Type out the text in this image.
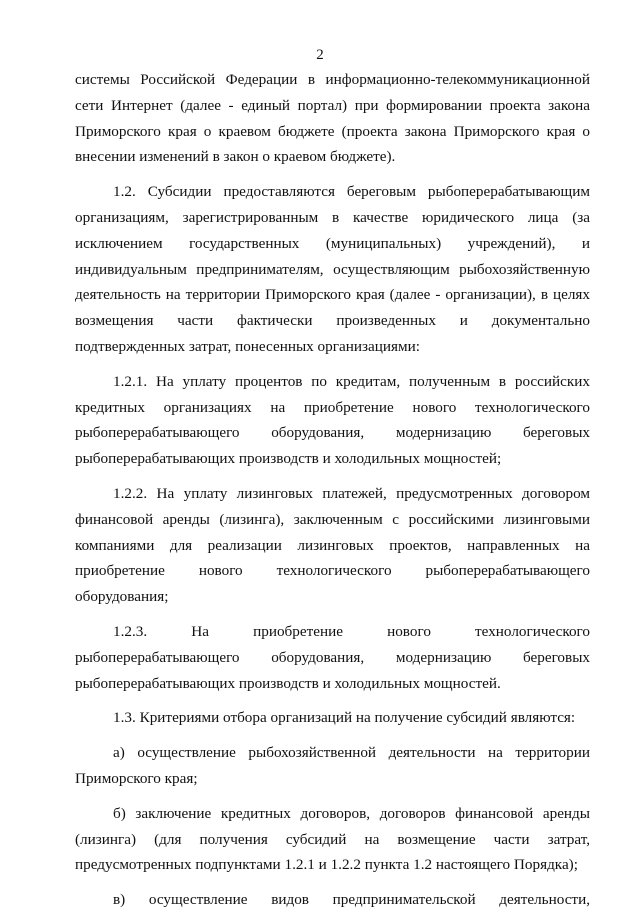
2
системы Российской Федерации в информационно-телекоммуникационной
сети Интернет (далее - единый портал) при формировании проекта закона
Приморского края о краевом бюджете (проекта закона Приморского края о
внесении изменений в закон о краевом бюджете).
1.2. Субсидии предоставляются береговым рыбоперерабатывающим
организациям, зарегистрированным в качестве юридического лица (за
исключением государственных (муниципальных) учреждений), и
индивидуальным предпринимателям, осуществляющим рыбохозяйственную
деятельность на территории Приморского края (далее - организации), в целях
возмещения части фактически произведенных и документально
подтвержденных затрат, понесенных организациями:
1.2.1. На уплату процентов по кредитам, полученным в российских
кредитных организациях на приобретение нового технологического
рыбоперерабатывающего оборудования, модернизацию береговых
рыбоперерабатывающих производств и холодильных мощностей;
1.2.2. На уплату лизинговых платежей, предусмотренных договором
финансовой аренды (лизинга), заключенным с российскими лизинговыми
компаниями для реализации лизинговых проектов, направленных на
приобретение нового технологического рыбоперерабатывающего
оборудования;
1.2.3. На приобретение нового технологического
рыбоперерабатывающего оборудования, модернизацию береговых
рыбоперерабатывающих производств и холодильных мощностей.
1.3. Критериями отбора организаций на получение субсидий являются:
а) осуществление рыбохозяйственной деятельности на территории
Приморского края;
б) заключение кредитных договоров, договоров финансовой аренды
(лизинга) (для получения субсидий на возмещение части затрат,
предусмотренных подпунктами 1.2.1 и 1.2.2 пункта 1.2 настоящего Порядка);
в) осуществление видов предпринимательской деятельности,
